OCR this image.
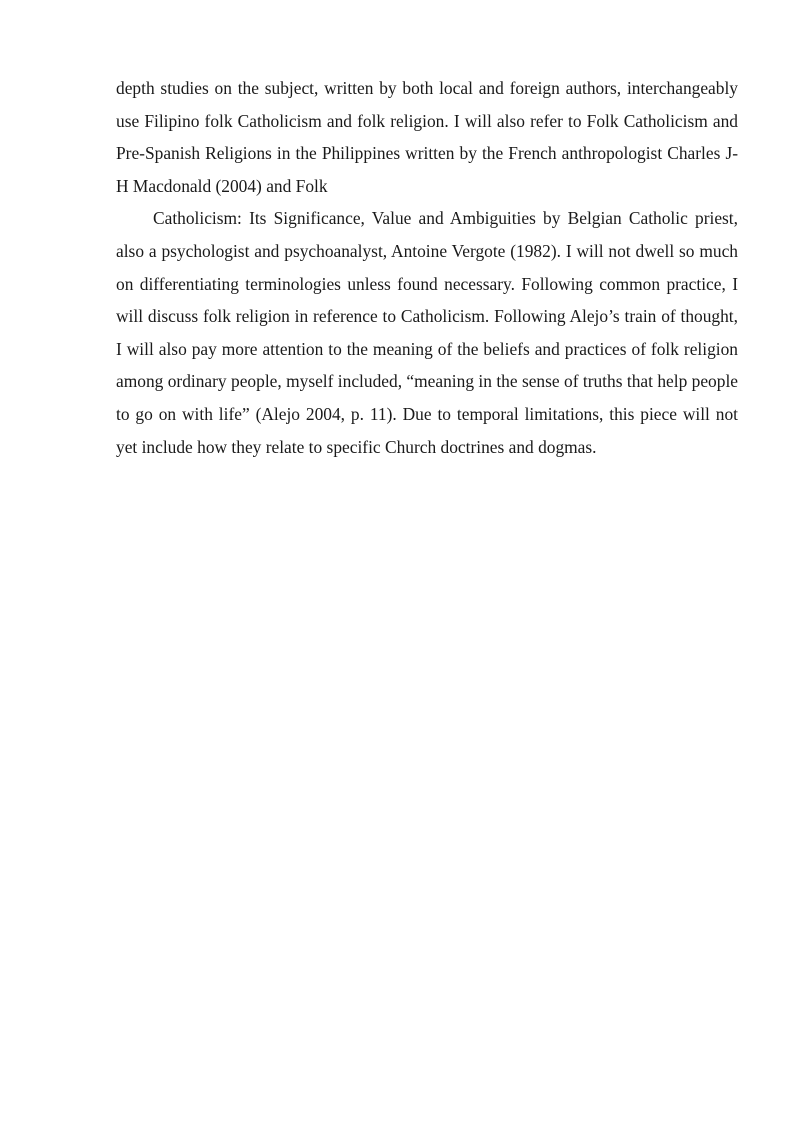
depth studies on the subject, written by both local and foreign authors, interchangeably use Filipino folk Catholicism and folk religion. I will also refer to Folk Catholicism and Pre-Spanish Religions in the Philippines written by the French anthropologist Charles J-H Macdonald (2004) and Folk

Catholicism: Its Significance, Value and Ambiguities by Belgian Catholic priest, also a psychologist and psychoanalyst, Antoine Vergote (1982). I will not dwell so much on differentiating terminologies unless found necessary. Following common practice, I will discuss folk religion in reference to Catholicism. Following Alejo’s train of thought, I will also pay more attention to the meaning of the beliefs and practices of folk religion among ordinary people, myself included, “meaning in the sense of truths that help people to go on with life” (Alejo 2004, p. 11). Due to temporal limitations, this piece will not yet include how they relate to specific Church doctrines and dogmas.
